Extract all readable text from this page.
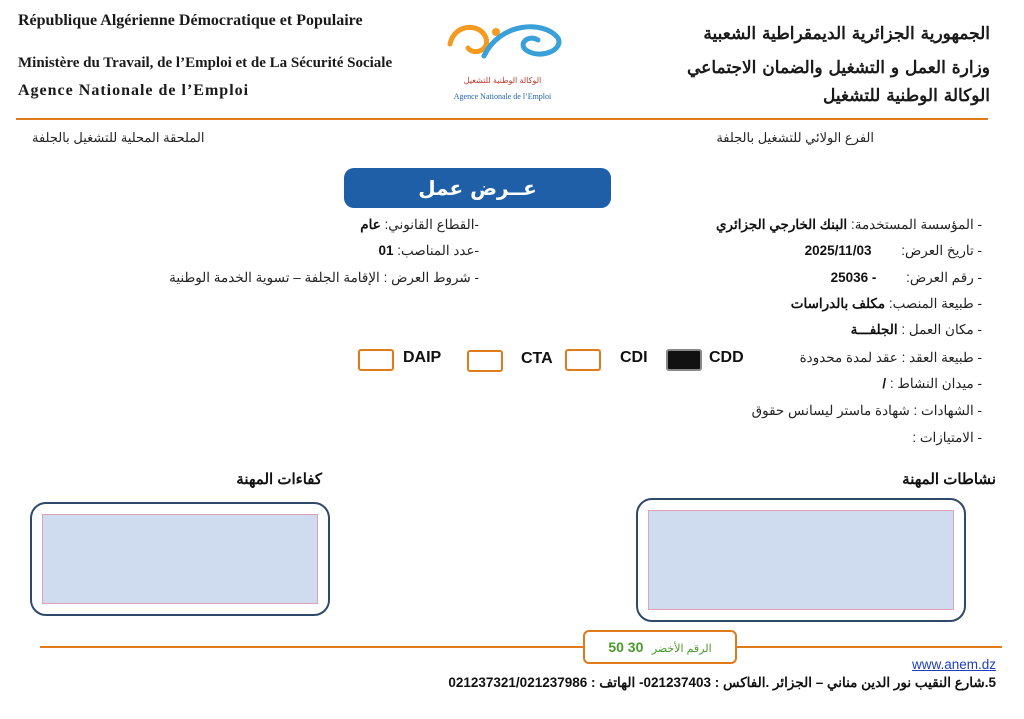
République Algérienne Démocratique et Populaire
Ministère du Travail, de l’Emploi et de La Sécurité Sociale
Agence Nationale de l’Emploi
الوكالة الوطنية للتشغيل
Agence Nationale de l’Emploi
الجمهورية الجزائرية الديمقراطية الشعبية
وزارة العمل و التشغيل والضمان الاجتماعي
الوكالة الوطنية للتشغيل
الفرع الولائي للتشغيل بالجلفة
الملحقة المحلية للتشغيل بالجلفة
عــرض عمل
- المؤسسة المستخدمة: البنك الخارجي الجزائري
- تاريخ العرض: 2025/11/03
- رقم العرض: - 25036
- طبيعة المنصب: مكلف بالدراسات
- مكان العمل : الجلفـــة
- طبيعة العقد : عقد لمدة محدودة
- ميدان النشاط : /
- الشهادات : شهادة ماستر ليسانس حقوق
- الامتيازات :
-القطاع القانوني: عام
-عدد المناصب: 01
- شروط العرض : الإقامة الجلفة – تسوية الخدمة الوطنية
CDD
CDI
CTA
DAIP
نشاطات المهنة
كفاءات المهنة
الرقم الأخضر 30 50
www.anem.dz
5.شارع النقيب نور الدين مناني – الجزائر .الفاكس : 021237403- الهاتف : 021237321/021237986
